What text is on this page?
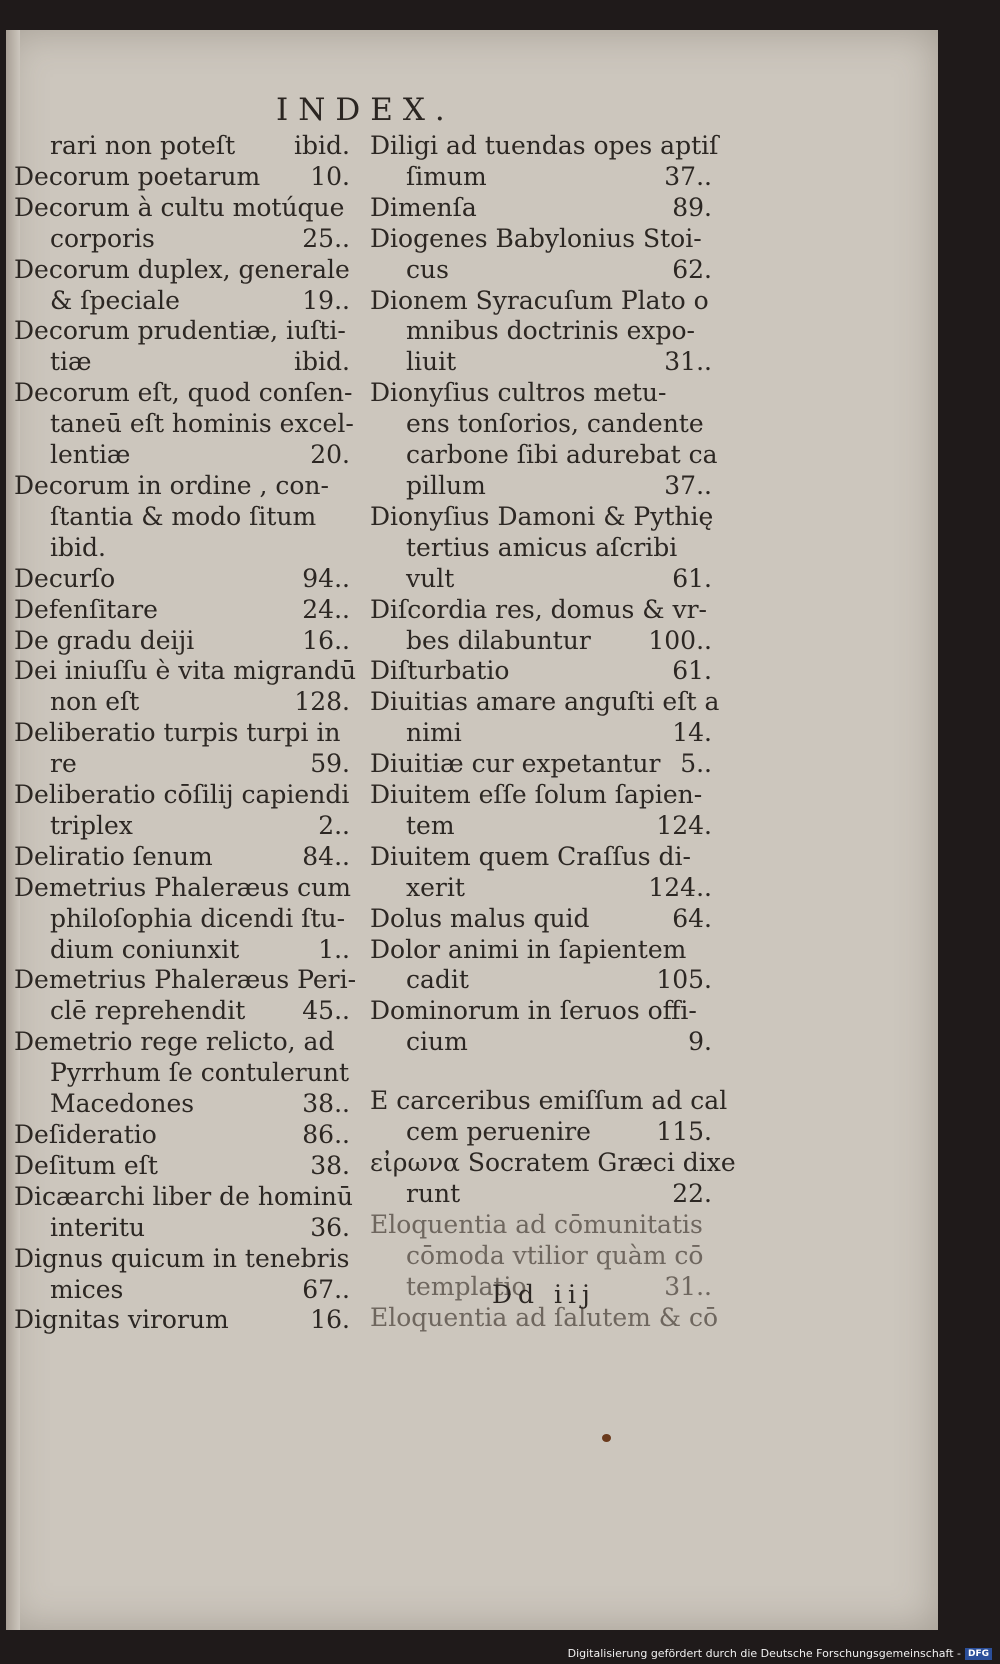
INDEX.
rari non poteſt ibid.
Decorum poetarum 10.
Decorum à cultu motúque
corporis	25..
Decorum duplex, generale
& ſpeciale	19..
Decorum prudentiæ, iuſti-
tiæ	ibid.
Decorum eſt, quod conſen-
taneū eſt hominis excel-
lentiæ	20.
Decorum in ordine , con-
ſtantia & modo ſitum
ibid.
Decurſo	94..
Defenſitare	24..
De gradu deiji	16..
Dei iniuſſu è vita migrandū
non eſt	128.
Deliberatio turpis turpi in
re	59.
Deliberatio cōſilij capiendi
triplex	2..
Deliratio ſenum	84..
Demetrius Phaleræus cum
philoſophia dicendi ſtu-
dium coniunxit	1..
Demetrius Phaleræus Peri-
clē reprehendit 45..
Demetrio rege relicto, ad
Pyrrhum ſe contulerunt
Macedones	38..
Deſideratio	86..
Deſitum eſt	38.
Dicæarchi liber de hominū
interitu	36.
Dignus quicum in tenebris
mices	67..
Dignitas virorum	16.
Diligi ad tuendas opes aptiſ
ſimum	37..
Dimenſa	89.
Diogenes Babylonius Stoi-
cus	62.
Dionem Syracuſum Plato o
mnibus doctrinis expo-
liuit	31..
Dionyſius cultros metu-
ens tonſorios, candente
carbone ſibi adurebat ca
pillum	37..
Dionyſius Damoni & Pythię
tertius amicus aſcribi
vult	61.
Diſcordia res, domus & vr-
bes dilabuntur 100..
Diſturbatio	61.
Diuitias amare anguſti eſt a
nimi	14.
Diuitiæ cur expetantur 5..
Diuitem eſſe ſolum ſapien-
tem	124.
Diuitem quem Craſſus di-
xerit	124..
Dolus malus quid	64.
Dolor animi in ſapientem
cadit	105.
Dominorum in ſeruos offi-
cium	9.
E carceribus emiſſum ad cal
cem peruenire	115.
εἰρωνα Socratem Græci dixe
runt	22.
Eloquentia ad cōmunitatis
cōmoda vtilior quàm cō
templatio	31..
Eloquentia ad ſalutem & cō
Dd iij
Digitalisierung gefördert durch die Deutsche Forschungsgemeinschaft - DFG
